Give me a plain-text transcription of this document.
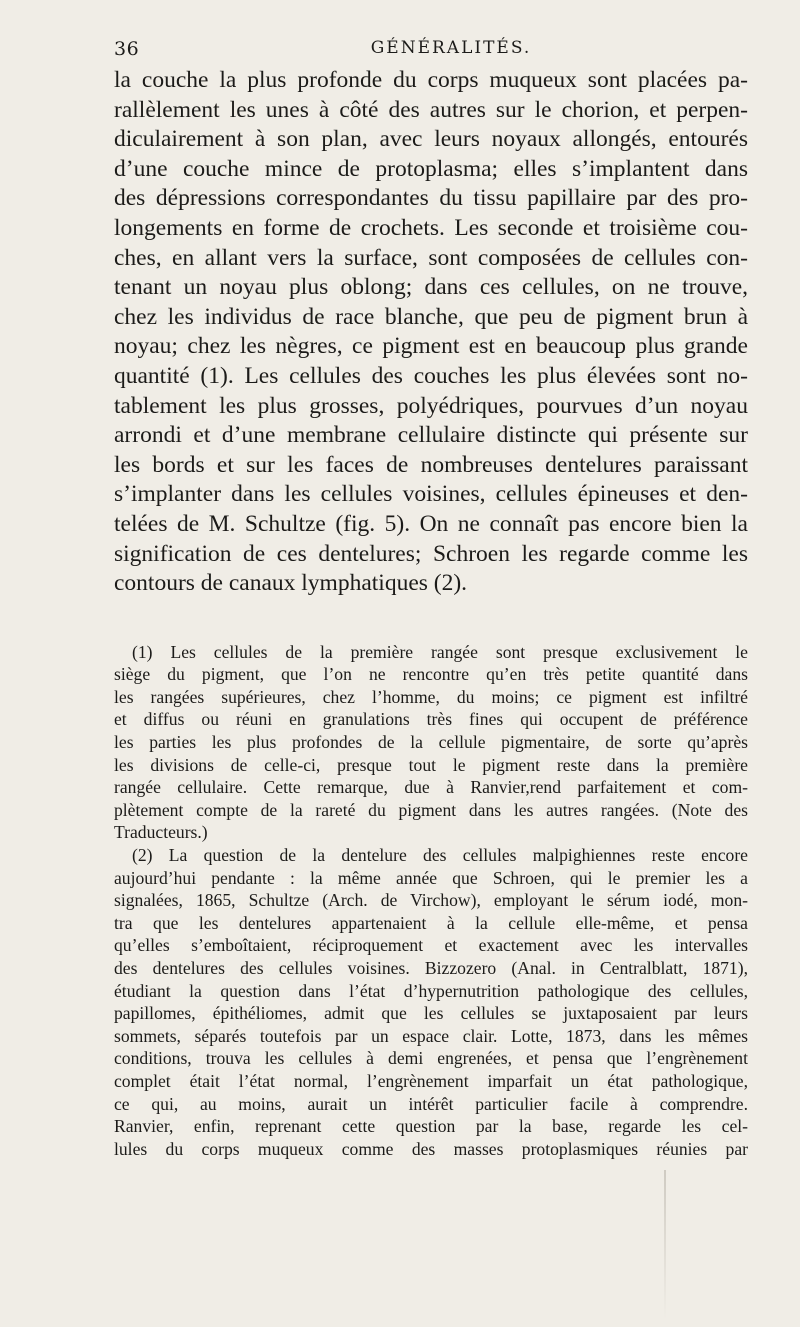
36	GÉNÉRALITÉS.
la couche la plus profonde du corps muqueux sont placées pa-
rallèlement les unes à côté des autres sur le chorion, et perpen-
diculairement à son plan, avec leurs noyaux allongés, entourés
d’une couche mince de protoplasma; elles s’implantent dans
des dépressions correspondantes du tissu papillaire par des pro-
longements en forme de crochets. Les seconde et troisième cou-
ches, en allant vers la surface, sont composées de cellules con-
tenant un noyau plus oblong; dans ces cellules, on ne trouve,
chez les individus de race blanche, que peu de pigment brun à
noyau; chez les nègres, ce pigment est en beaucoup plus grande
quantité (1). Les cellules des couches les plus élevées sont no-
tablement les plus grosses, polyédriques, pourvues d’un noyau
arrondi et d’une membrane cellulaire distincte qui présente sur
les bords et sur les faces de nombreuses dentelures paraissant
s’implanter dans les cellules voisines, cellules épineuses et den-
telées de M. Schultze (fig. 5). On ne connaît pas encore bien la
signification de ces dentelures; Schroen les regarde comme les
contours de canaux lymphatiques (2).
(1) Les cellules de la première rangée sont presque exclusivement le
siège du pigment, que l’on ne rencontre qu’en très petite quantité dans
les rangées supérieures, chez l’homme, du moins; ce pigment est infiltré
et diffus ou réuni en granulations très fines qui occupent de préférence
les parties les plus profondes de la cellule pigmentaire, de sorte qu’après
les divisions de celle-ci, presque tout le pigment reste dans la première
rangée cellulaire. Cette remarque, due à Ranvier,rend parfaitement et com-
plètement compte de la rareté du pigment dans les autres rangées. (Note des
Traducteurs.)
(2) La question de la dentelure des cellules malpighiennes reste encore
aujourd’hui pendante : la même année que Schroen, qui le premier les a
signalées, 1865, Schultze (Arch. de Virchow), employant le sérum iodé, mon-
tra que les dentelures appartenaient à la cellule elle-même, et pensa
qu’elles s’emboîtaient, réciproquement et exactement avec les intervalles
des dentelures des cellules voisines. Bizzozero (Anal. in Centralblatt, 1871),
étudiant la question dans l’état d’hypernutrition pathologique des cellules,
papillomes, épithéliomes, admit que les cellules se juxtaposaient par leurs
sommets, séparés toutefois par un espace clair. Lotte, 1873, dans les mêmes
conditions, trouva les cellules à demi engrenées, et pensa que l’engrènement
complet était l’état normal, l’engrènement imparfait un état pathologique,
ce qui, au moins, aurait un intérêt particulier facile à comprendre.
Ranvier, enfin, reprenant cette question par la base, regarde les cel-
lules du corps muqueux comme des masses protoplasmiques réunies par
